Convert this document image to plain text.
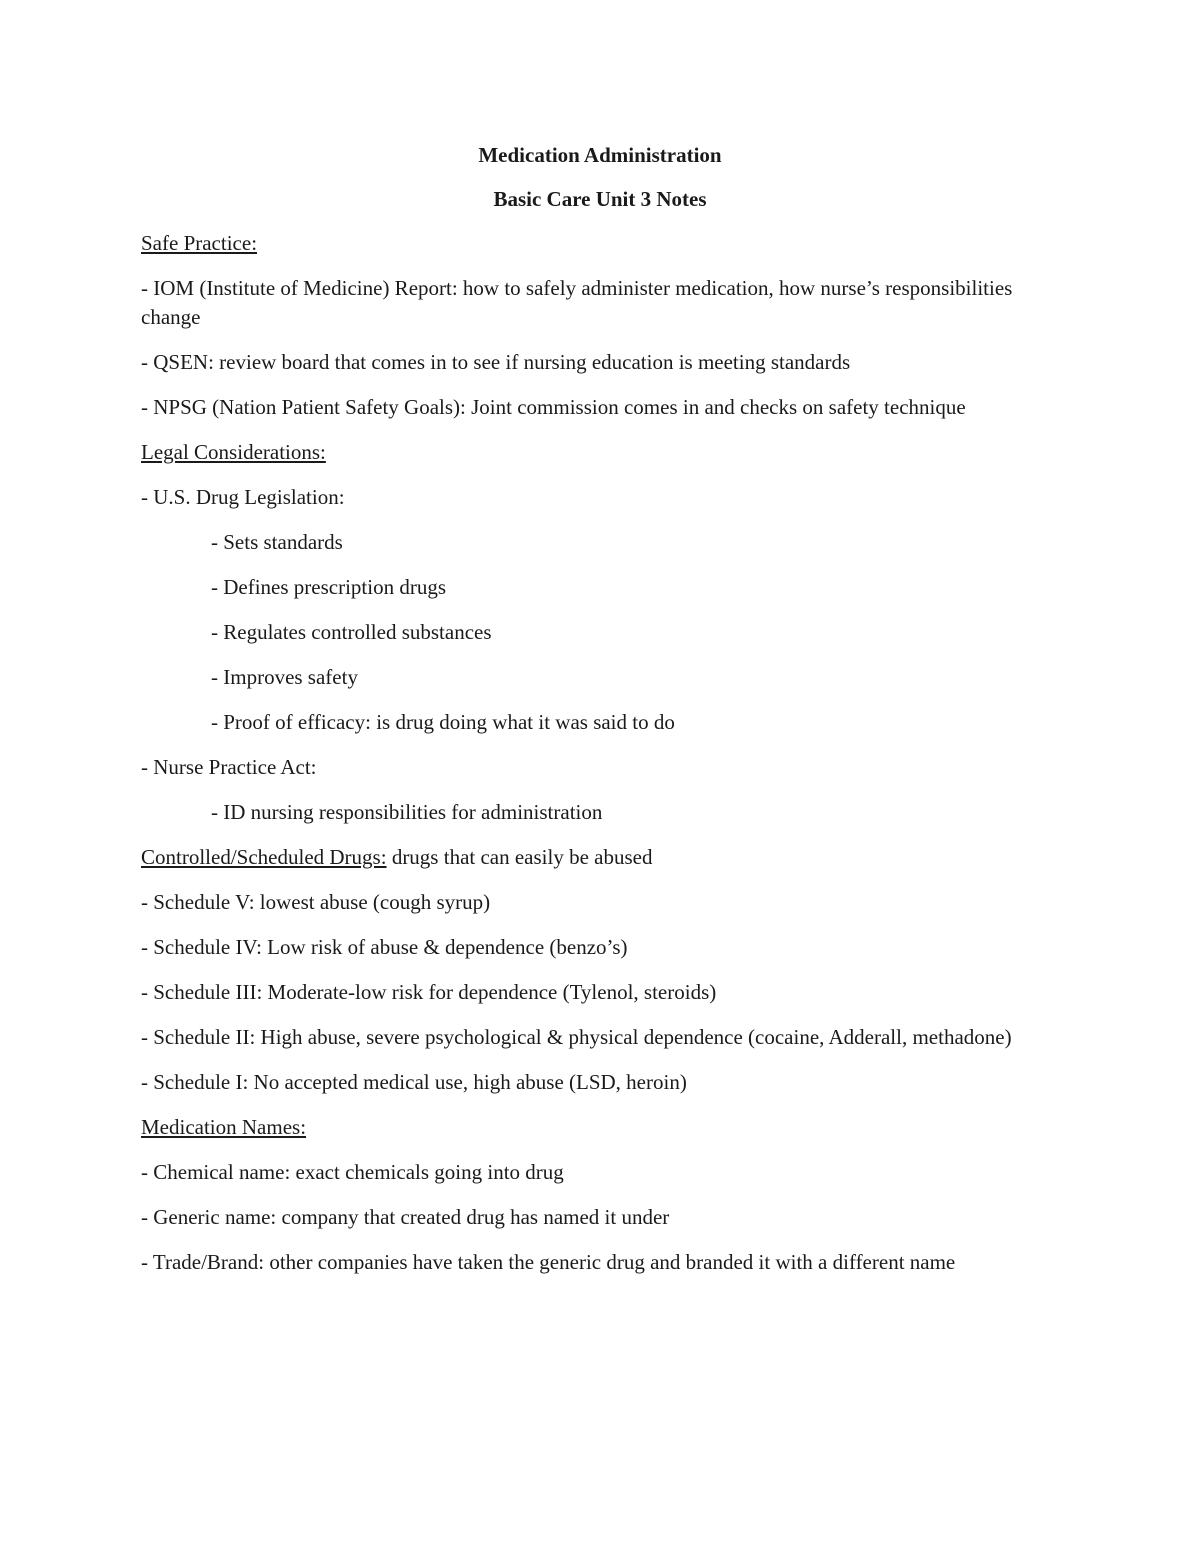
Medication Administration

Basic Care Unit 3 Notes

Safe Practice:

- IOM (Institute of Medicine) Report: how to safely administer medication, how nurse’s responsibilities change

- QSEN: review board that comes in to see if nursing education is meeting standards

- NPSG (Nation Patient Safety Goals): Joint commission comes in and checks on safety technique

Legal Considerations:

- U.S. Drug Legislation:

- Sets standards

- Defines prescription drugs

- Regulates controlled substances

- Improves safety

- Proof of efficacy: is drug doing what it was said to do

- Nurse Practice Act:

- ID nursing responsibilities for administration

Controlled/Scheduled Drugs: drugs that can easily be abused

- Schedule V: lowest abuse (cough syrup)

- Schedule IV: Low risk of abuse & dependence (benzo’s)

- Schedule III: Moderate-low risk for dependence (Tylenol, steroids)

- Schedule II: High abuse, severe psychological & physical dependence (cocaine, Adderall, methadone)

- Schedule I: No accepted medical use, high abuse (LSD, heroin)

Medication Names:

- Chemical name: exact chemicals going into drug

- Generic name: company that created drug has named it under

- Trade/Brand: other companies have taken the generic drug and branded it with a different name
